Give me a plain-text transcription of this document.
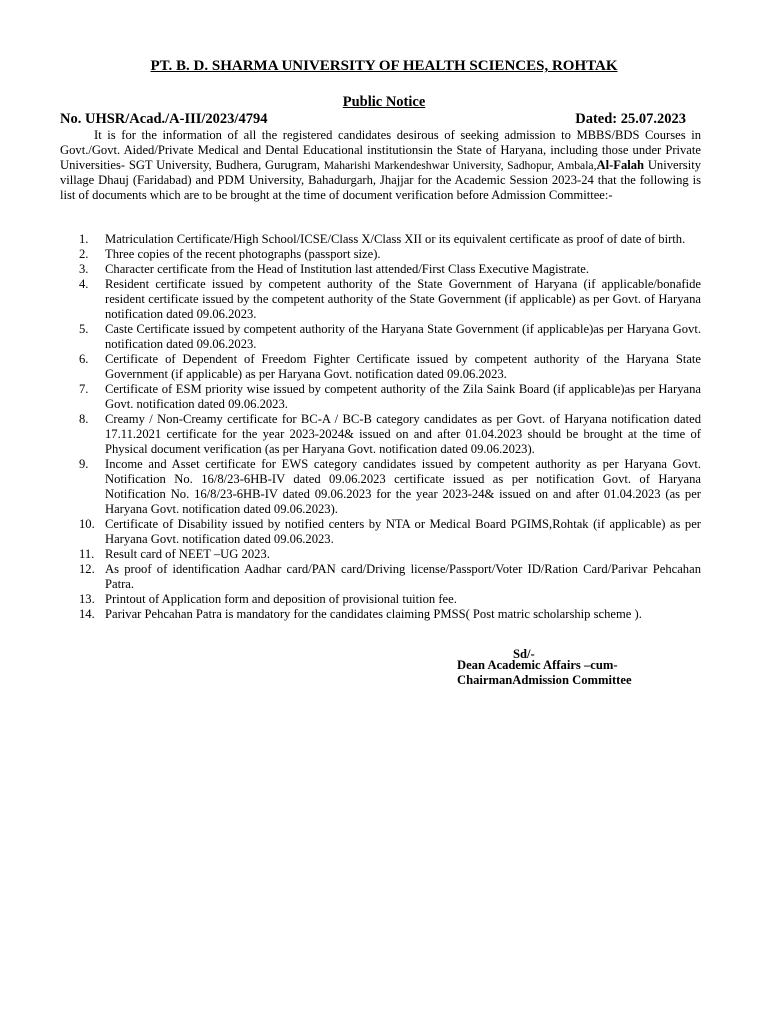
PT. B. D. SHARMA UNIVERSITY OF HEALTH SCIENCES, ROHTAK
Public Notice
No. UHSR/Acad./A-III/2023/4794	Dated: 25.07.2023

It is for the information of all the registered candidates desirous of seeking admission to MBBS/BDS Courses in Govt./Govt. Aided/Private Medical and Dental Educational institutionsin the State of Haryana, including those under Private Universities- SGT University, Budhera, Gurugram, Maharishi Markendeshwar University, Sadhopur, Ambala,Al-Falah University village Dhauj (Faridabad) and PDM University, Bahadurgarh, Jhajjar for the Academic Session 2023-24 that the following is list of documents which are to be brought at the time of document verification before Admission Committee:-

1. Matriculation Certificate/High School/ICSE/Class X/Class XII or its equivalent certificate as proof of date of birth.
2. Three copies of the recent photographs (passport size).
3. Character certificate from the Head of Institution last attended/First Class Executive Magistrate.
4. Resident certificate issued by competent authority of the State Government of Haryana (if applicable/bonafide resident certificate issued by the competent authority of the State Government (if applicable) as per Govt. of Haryana notification dated 09.06.2023.
5. Caste Certificate issued by competent authority of the Haryana State Government (if applicable)as per Haryana Govt. notification dated 09.06.2023.
6. Certificate of Dependent of Freedom Fighter Certificate issued by competent authority of the Haryana State Government (if applicable) as per Haryana Govt. notification dated 09.06.2023.
7. Certificate of ESM priority wise issued by competent authority of the Zila Saink Board (if applicable)as per Haryana Govt. notification dated 09.06.2023.
8. Creamy / Non-Creamy certificate for BC-A / BC-B category candidates as per Govt. of Haryana notification dated 17.11.2021 certificate for the year 2023-2024& issued on and after 01.04.2023 should be brought at the time of Physical document verification (as per Haryana Govt. notification dated 09.06.2023).
9. Income and Asset certificate for EWS category candidates issued by competent authority as per Haryana Govt. Notification No. 16/8/23-6HB-IV dated 09.06.2023 certificate issued as per notification Govt. of Haryana Notification No. 16/8/23-6HB-IV dated 09.06.2023 for the year 2023-24& issued on and after 01.04.2023 (as per Haryana Govt. notification dated 09.06.2023).
10. Certificate of Disability issued by notified centers by NTA or Medical Board PGIMS,Rohtak (if applicable) as per Haryana Govt. notification dated 09.06.2023.
11. Result card of NEET –UG 2023.
12. As proof of identification Aadhar card/PAN card/Driving license/Passport/Voter ID/Ration Card/Parivar Pehcahan Patra.
13. Printout of Application form and deposition of provisional tuition fee.
14. Parivar Pehcahan Patra is mandatory for the candidates claiming PMSS( Post matric scholarship scheme ).
Sd/-
Dean Academic Affairs –cum-
ChairmanAdmission Committee
